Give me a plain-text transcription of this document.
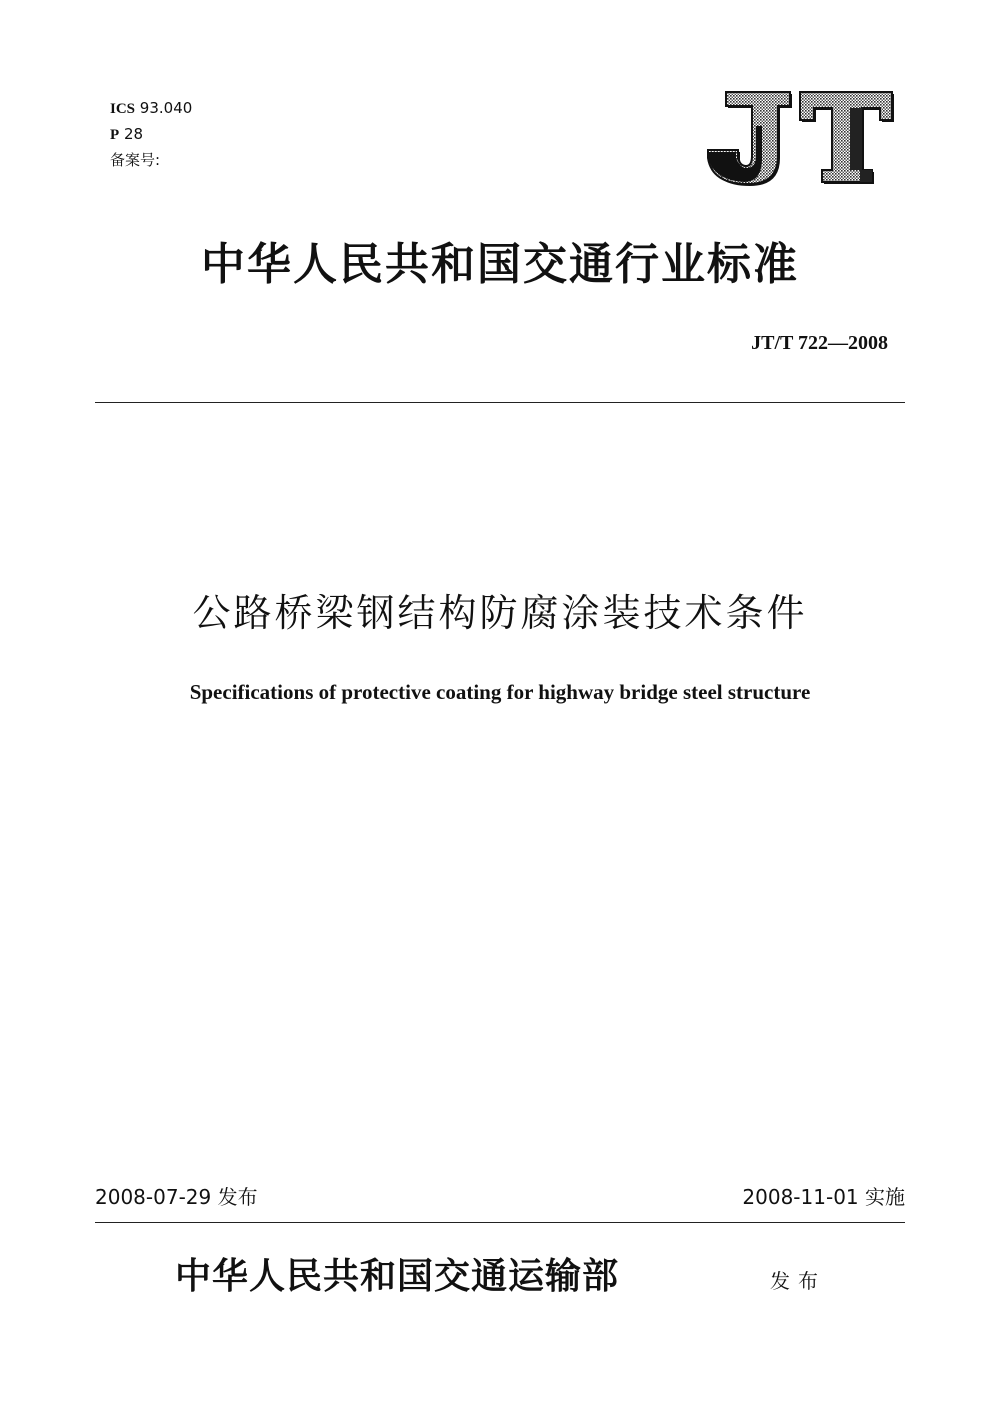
ICS 93.040
P 28
备案号:
中华人民共和国交通行业标准
JT/T 722—2008
公路桥梁钢结构防腐涂装技术条件
Specifications of protective coating for highway bridge steel structure
2008-07-29 发布	2008-11-01 实施
中华人民共和国交通运输部	发布
